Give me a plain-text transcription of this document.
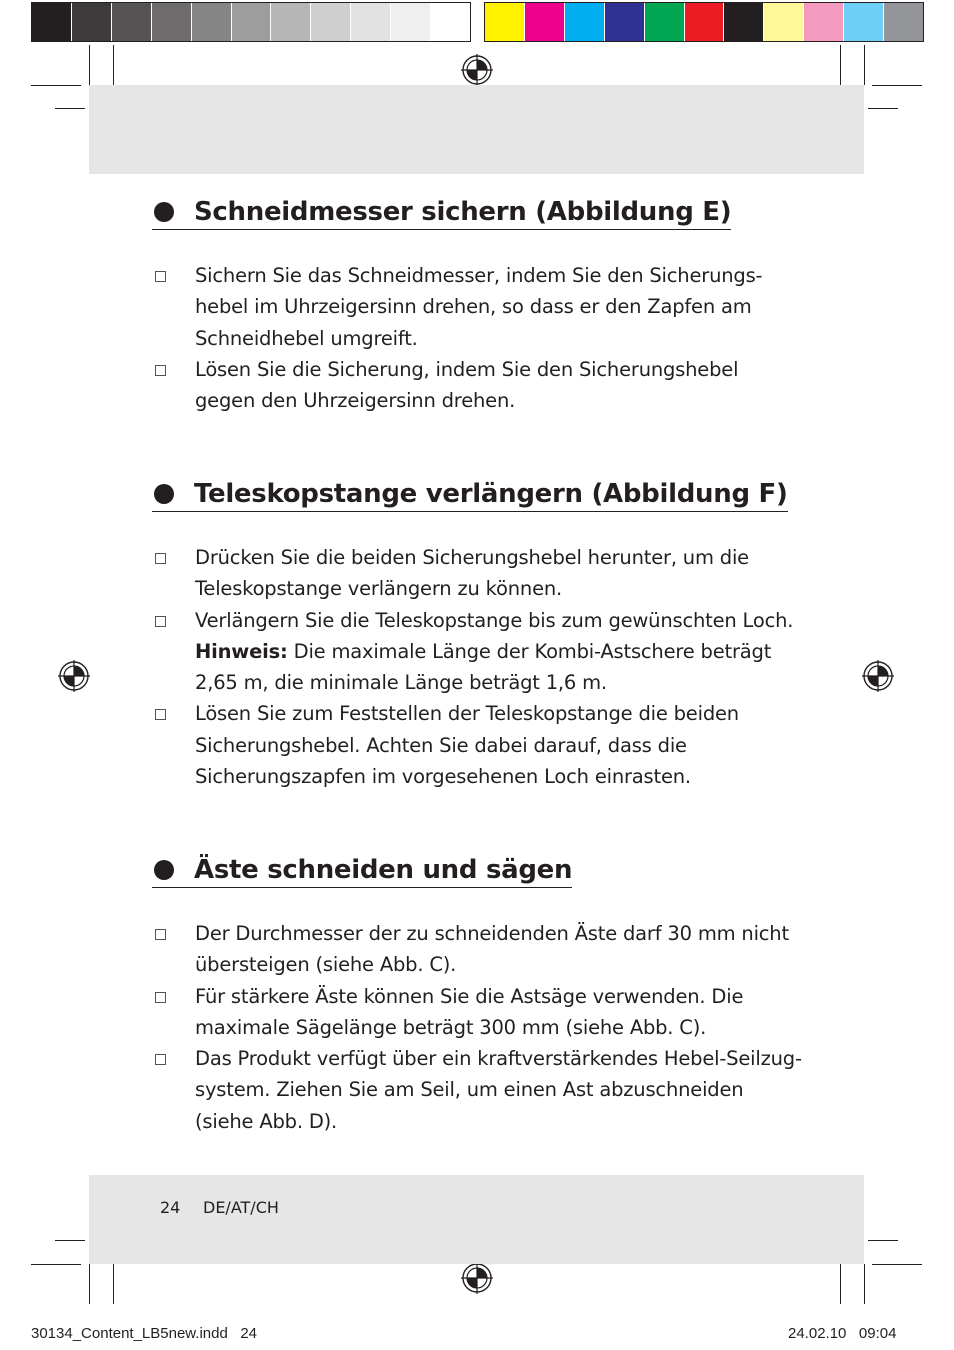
Schneidmesser sichern (Abbildung E)
Sichern Sie das Schneidmesser, indem Sie den Sicherungs-
hebel im Uhrzeigersinn drehen, so dass er den Zapfen am
Schneidhebel umgreift.
Lösen Sie die Sicherung, indem Sie den Sicherungshebel
gegen den Uhrzeigersinn drehen.
Teleskopstange verlängern (Abbildung F)
Drücken Sie die beiden Sicherungshebel herunter, um die
Teleskopstange verlängern zu können.
Verlängern Sie die Teleskopstange bis zum gewünschten Loch.
Hinweis: Die maximale Länge der Kombi-Astschere beträgt
2,65 m, die minimale Länge beträgt 1,6 m.
Lösen Sie zum Feststellen der Teleskopstange die beiden
Sicherungshebel. Achten Sie dabei darauf, dass die
Sicherungszapfen im vorgesehenen Loch einrasten.
Äste schneiden und sägen
Der Durchmesser der zu schneidenden Äste darf 30 mm nicht
übersteigen (siehe Abb. C).
Für stärkere Äste können Sie die Astsäge verwenden. Die
maximale Sägelänge beträgt 300 mm (siehe Abb. C).
Das Produkt verfügt über ein kraftverstärkendes Hebel-Seilzug-
system. Ziehen Sie am Seil, um einen Ast abzuschneiden
(siehe Abb. D).
24 DE/AT/CH
30134_Content_LB5new.indd   24	24.02.10   09:04
